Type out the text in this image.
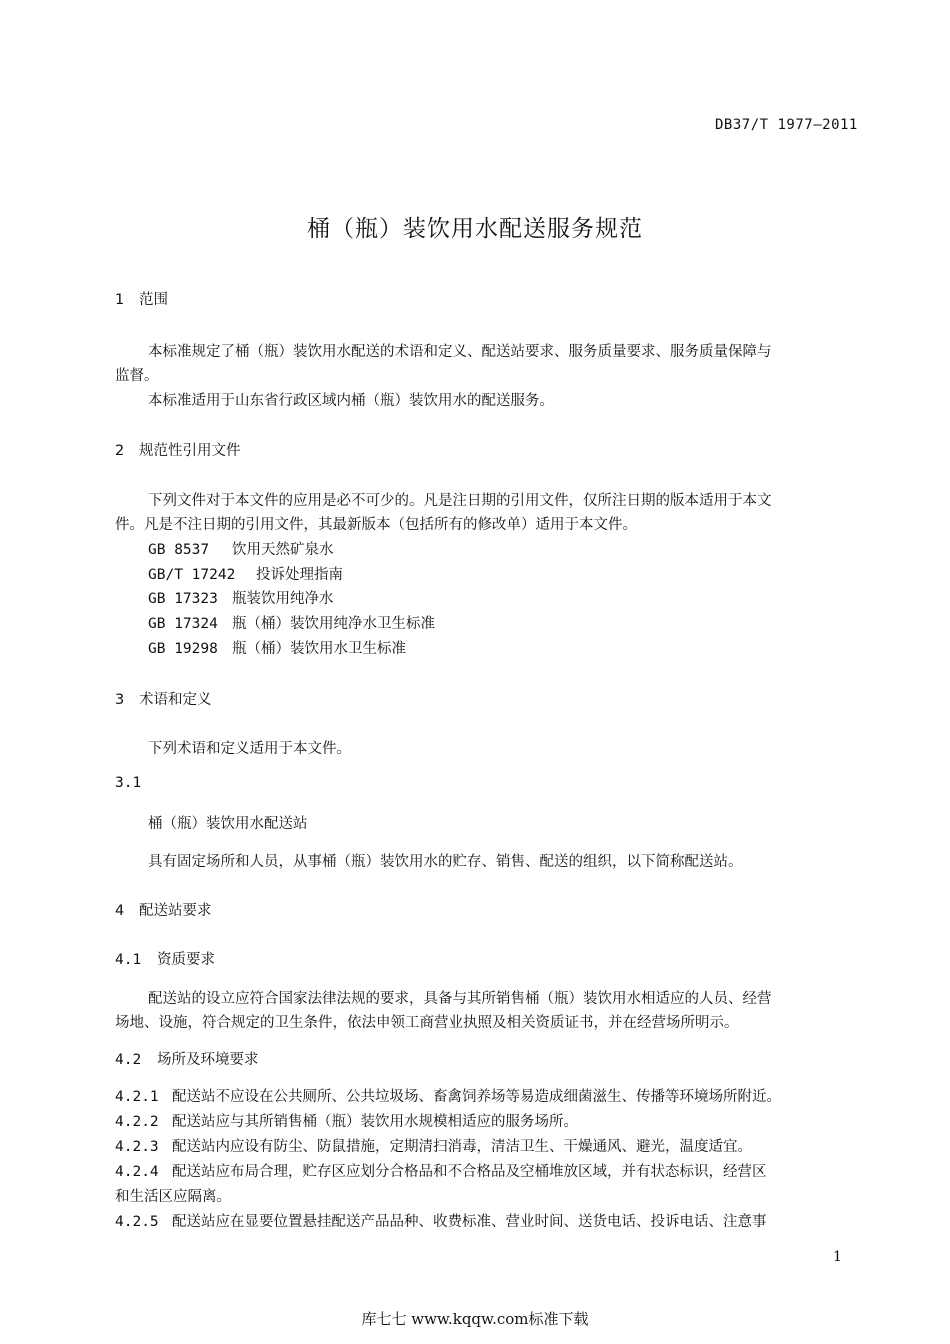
DB37/T 1977—2011
桶（瓶）装饮用水配送服务规范
1 范围
本标准规定了桶（瓶）装饮用水配送的术语和定义、配送站要求、服务质量要求、服务质量保障与
监督。
本标准适用于山东省行政区域内桶（瓶）装饮用水的配送服务。
2 规范性引用文件
下列文件对于本文件的应用是必不可少的。凡是注日期的引用文件，仅所注日期的版本适用于本文
件。凡是不注日期的引用文件，其最新版本（包括所有的修改单）适用于本文件。
GB 8537 饮用天然矿泉水
GB/T 17242 投诉处理指南
GB 17323 瓶装饮用纯净水
GB 17324 瓶（桶）装饮用纯净水卫生标准
GB 19298 瓶（桶）装饮用水卫生标准
3 术语和定义
下列术语和定义适用于本文件。
3.1
桶（瓶）装饮用水配送站
具有固定场所和人员，从事桶（瓶）装饮用水的贮存、销售、配送的组织，以下简称配送站。
4 配送站要求
4.1 资质要求
配送站的设立应符合国家法律法规的要求，具备与其所销售桶（瓶）装饮用水相适应的人员、经营
场地、设施，符合规定的卫生条件，依法申领工商营业执照及相关资质证书，并在经营场所明示。
4.2 场所及环境要求
4.2.1 配送站不应设在公共厕所、公共垃圾场、畜禽饲养场等易造成细菌滋生、传播等环境场所附近。
4.2.2 配送站应与其所销售桶（瓶）装饮用水规模相适应的服务场所。
4.2.3 配送站内应设有防尘、防鼠措施，定期清扫消毒，清洁卫生、干燥通风、避光，温度适宜。
4.2.4 配送站应布局合理，贮存区应划分合格品和不合格品及空桶堆放区域，并有状态标识，经营区
和生活区应隔离。
4.2.5 配送站应在显要位置悬挂配送产品品种、收费标准、营业时间、送货电话、投诉电话、注意事
1
库七七 www.kqqw.com标准下载
